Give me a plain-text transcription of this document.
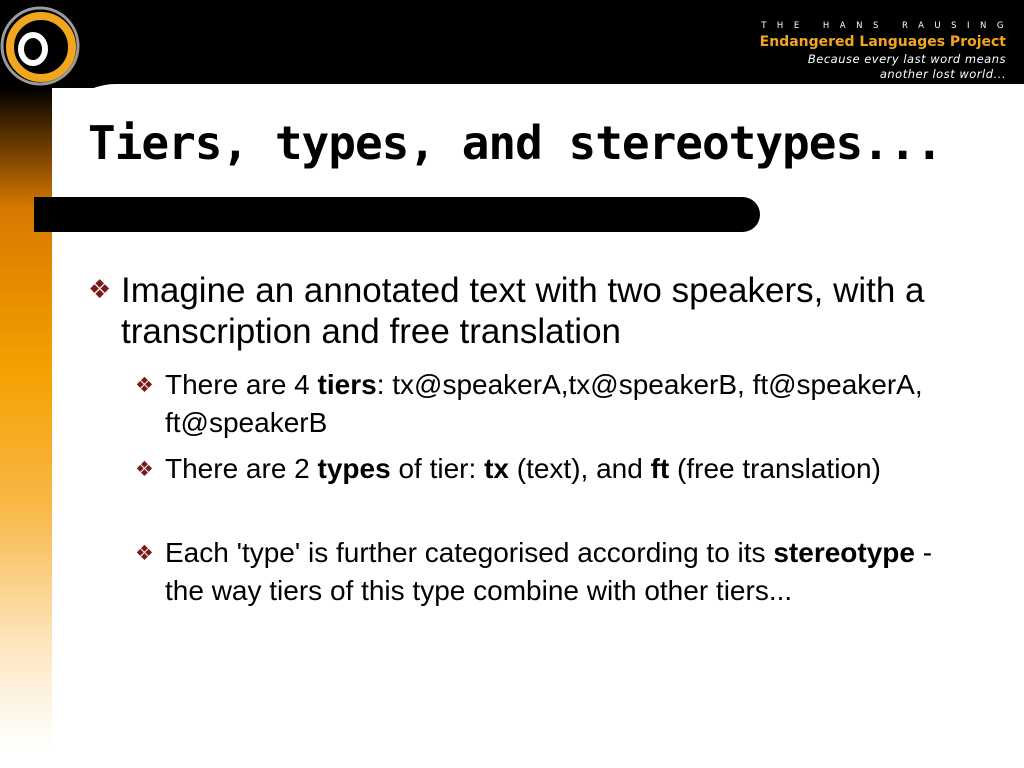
THE HANS RAUSING
Endangered Languages Project
Because every last word means
another lost world...
Tiers, types, and stereotypes...
❖ Imagine an annotated text with two speakers, with a transcription and free translation
❖ There are 4 tiers: tx@speakerA,tx@speakerB, ft@speakerA, ft@speakerB
❖ There are 2 types of tier: tx (text), and ft (free translation)
❖ Each 'type' is further categorised according to its stereotype - the way tiers of this type combine with other tiers...
